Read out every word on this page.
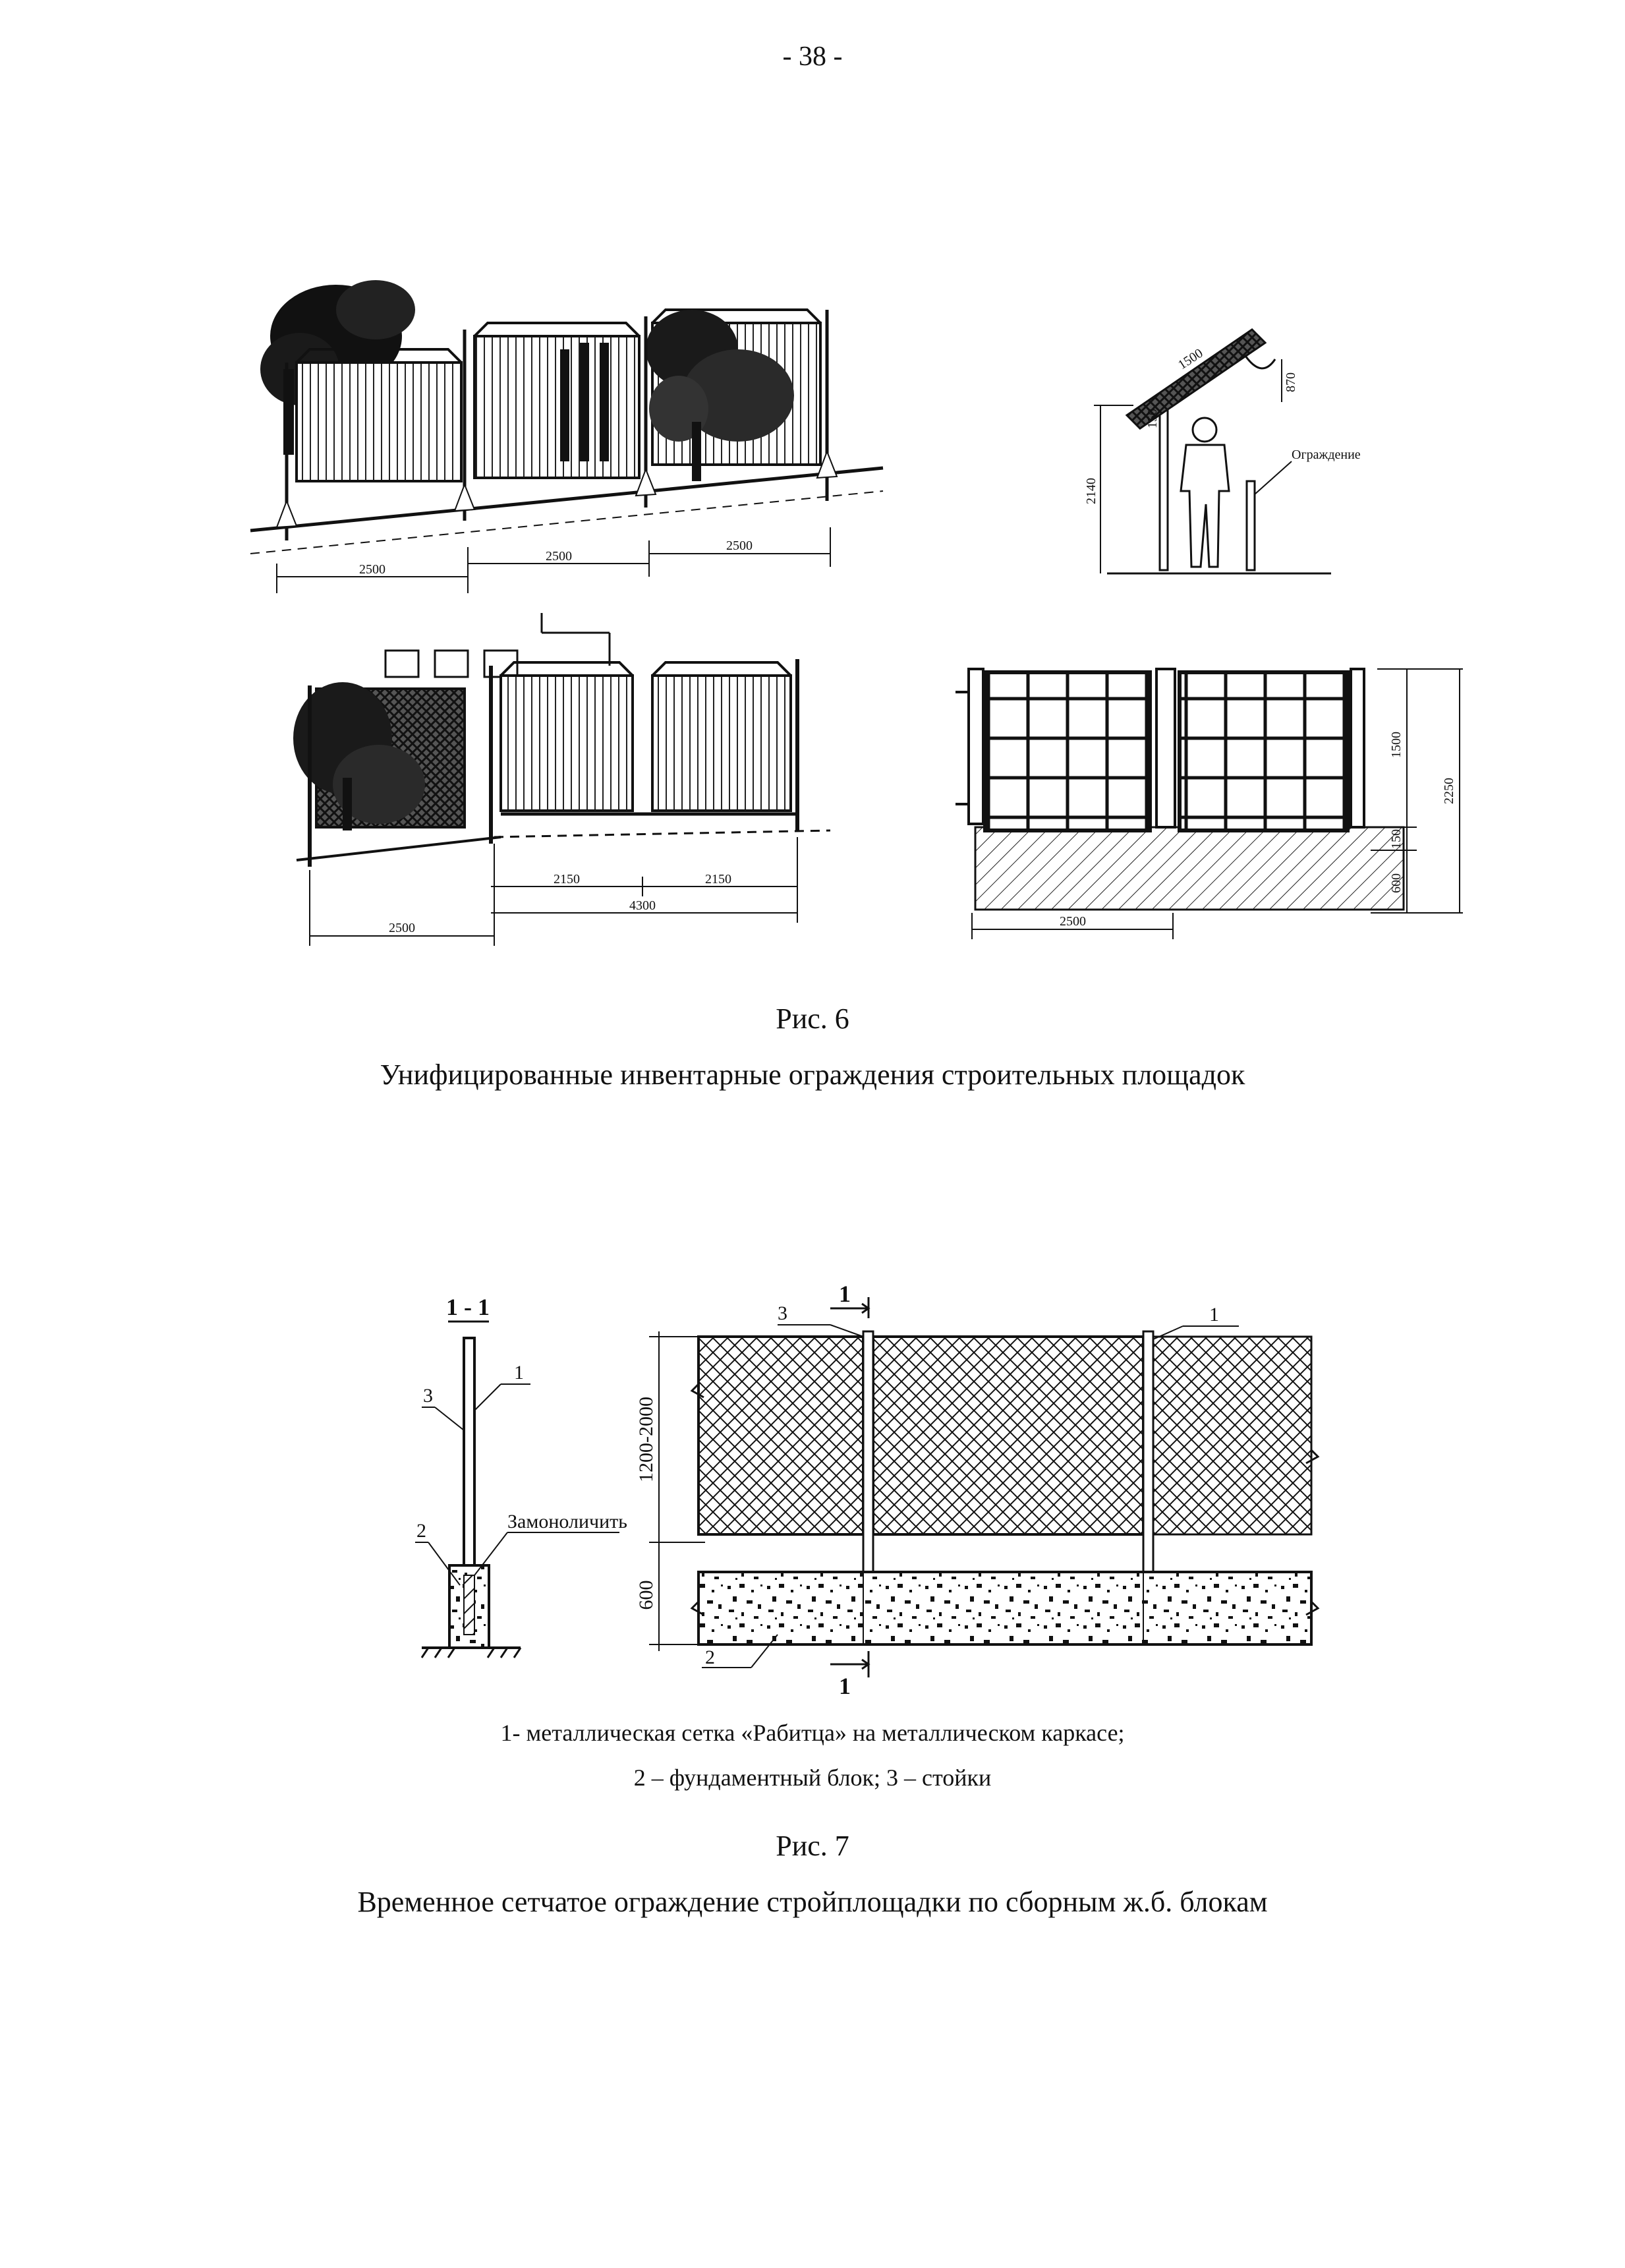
- 38 -
2500
2500
2500
2140
1500
870
150
Ограждение
2150	2150
4300
2500
1500
150
600
2250
2500
Рис. 6
Унифицированные инвентарные ограждения строительных площадок
1 - 1
1
3
2	Замоноличить
1200-2000
600
3	1
2
1
1
1- металлическая сетка «Рабитца» на металлическом каркасе;
2 – фундаментный блок; 3 – стойки
Рис. 7
Временное сетчатое ограждение стройплощадки по сборным ж.б. блокам
